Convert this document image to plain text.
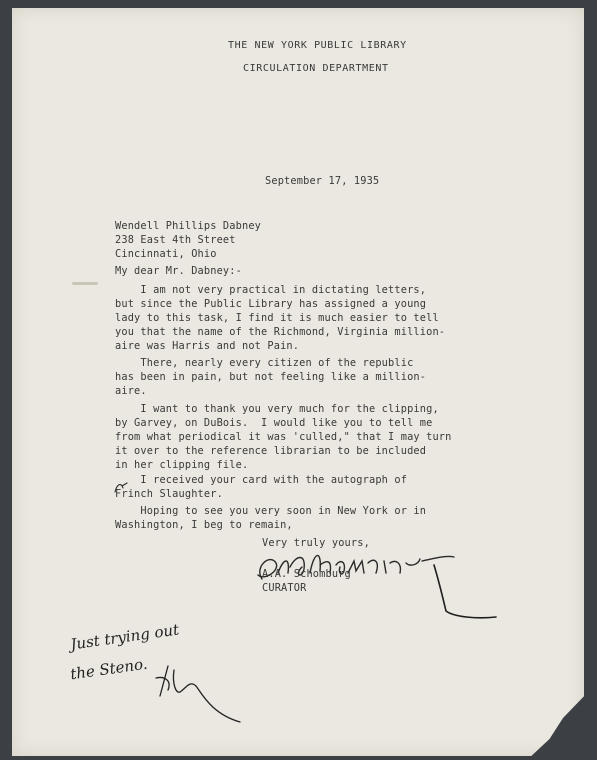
THE NEW YORK PUBLIC LIBRARY
CIRCULATION DEPARTMENT
September 17, 1935
Wendell Phillips Dabney
238 East 4th Street
Cincinnati, Ohio
My dear Mr. Dabney:-
I am not very practical in dictating letters,
but since the Public Library has assigned a young
lady to this task, I find it is much easier to tell
you that the name of the Richmond, Virginia million-
aire was Harris and not Pain.
There, nearly every citizen of the republic
has been in pain, but not feeling like a million-
aire.
I want to thank you very much for the clipping,
by Garvey, on DuBois.  I would like you to tell me
from what periodical it was 'culled," that I may turn
it over to the reference librarian to be included
in her clipping file.
I received your card with the autograph of
Frinch Slaughter.
Hoping to see you very soon in New York or in
Washington, I beg to remain,
Very truly yours,
A.A. Schomburg
CURATOR
Just trying out
the Steno.
